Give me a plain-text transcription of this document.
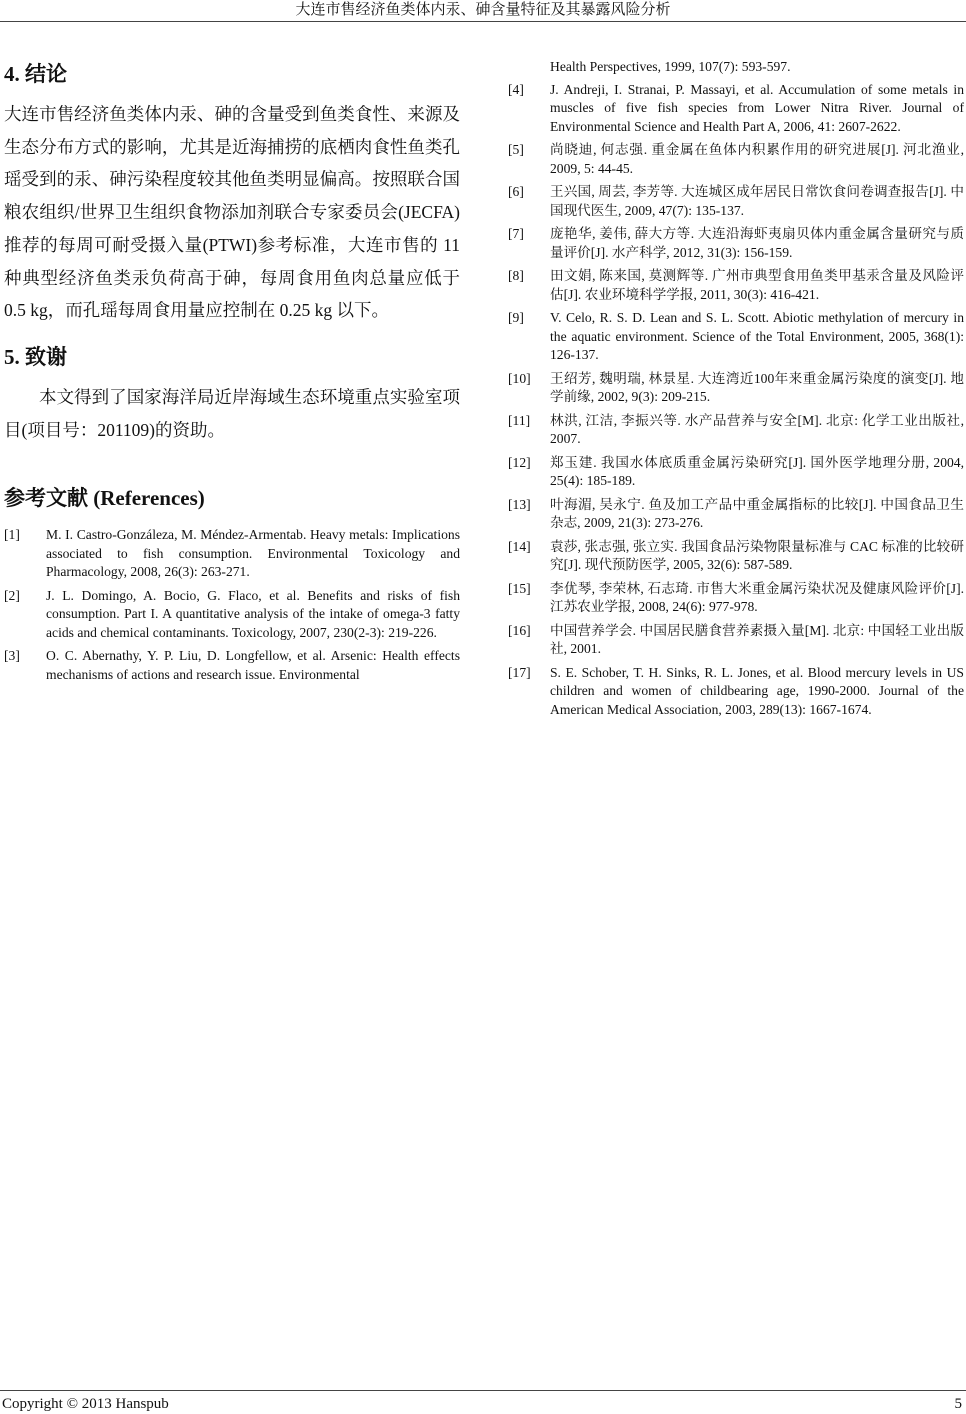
大连市售经济鱼类体内汞、砷含量特征及其暴露风险分析
4. 结论

大连市售经济鱼类体内汞、砷的含量受到鱼类食性、来源及生态分布方式的影响，尤其是近海捕捞的底栖肉食性鱼类孔瑶受到的汞、砷污染程度较其他鱼类明显偏高。按照联合国粮农组织/世界卫生组织食物添加剂联合专家委员会(JECFA)推荐的每周可耐受摄入量(PTWI)参考标准，大连市售的 11 种典型经济鱼类汞负荷高于砷，每周食用鱼肉总量应低于 0.5 kg，而孔瑶每周食用量应控制在 0.25 kg 以下。

5. 致谢

本文得到了国家海洋局近岸海域生态环境重点实验室项目(项目号：201109)的资助。

参考文献 (References)
[1]	M. I. Castro-Gonzáleza, M. Méndez-Armentab. Heavy metals: Implications associated to fish consumption. Environmental Toxicology and Pharmacology, 2008, 26(3): 263-271.
[2]	J. L. Domingo, A. Bocio, G. Flaco, et al. Benefits and risks of fish consumption. Part I. A quantitative analysis of the intake of omega-3 fatty acids and chemical contaminants. Toxicology, 2007, 230(2-3): 219-226.
[3]	O. C. Abernathy, Y. P. Liu, D. Longfellow, et al. Arsenic: Health effects mechanisms of actions and research issue. Environmental
Health Perspectives, 1999, 107(7): 593-597.
[4]	J. Andreji, I. Stranai, P. Massayi, et al. Accumulation of some metals in muscles of five fish species from Lower Nitra River. Journal of Environmental Science and Health Part A, 2006, 41: 2607-2622.
[5]	尚晓迪, 何志强. 重金属在鱼体内积累作用的研究进展[J]. 河北渔业, 2009, 5: 44-45.
[6]	王兴国, 周芸, 李芳等. 大连城区成年居民日常饮食问卷调查报告[J]. 中国现代医生, 2009, 47(7): 135-137.
[7]	庞艳华, 姜伟, 薛大方等. 大连沿海虾夷扇贝体内重金属含量研究与质量评价[J]. 水产科学, 2012, 31(3): 156-159.
[8]	田文娟, 陈来国, 莫测辉等. 广州市典型食用鱼类甲基汞含量及风险评估[J]. 农业环境科学学报, 2011, 30(3): 416-421.
[9]	V. Celo, R. S. D. Lean and S. L. Scott. Abiotic methylation of mercury in the aquatic environment. Science of the Total Environment, 2005, 368(1): 126-137.
[10]	王绍芳, 魏明瑞, 林景星. 大连湾近100年来重金属污染度的演变[J]. 地学前缘, 2002, 9(3): 209-215.
[11]	林洪, 江洁, 李振兴等. 水产品营养与安全[M]. 北京: 化学工业出版社, 2007.
[12]	郑玉建. 我国水体底质重金属污染研究[J]. 国外医学地理分册, 2004, 25(4): 185-189.
[13]	叶海湄, 吴永宁. 鱼及加工产品中重金属指标的比较[J]. 中国食品卫生杂志, 2009, 21(3): 273-276.
[14]	袁莎, 张志强, 张立实. 我国食品污染物限量标准与 CAC 标准的比较研究[J]. 现代预防医学, 2005, 32(6): 587-589.
[15]	李优琴, 李荣林, 石志琦. 市售大米重金属污染状况及健康风险评价[J]. 江苏农业学报, 2008, 24(6): 977-978.
[16]	中国营养学会. 中国居民膳食营养素摄入量[M]. 北京: 中国轻工业出版社, 2001.
[17]	S. E. Schober, T. H. Sinks, R. L. Jones, et al. Blood mercury levels in US children and women of childbearing age, 1990-2000. Journal of the American Medical Association, 2003, 289(13): 1667-1674.
Copyright © 2013 Hanspub	5
